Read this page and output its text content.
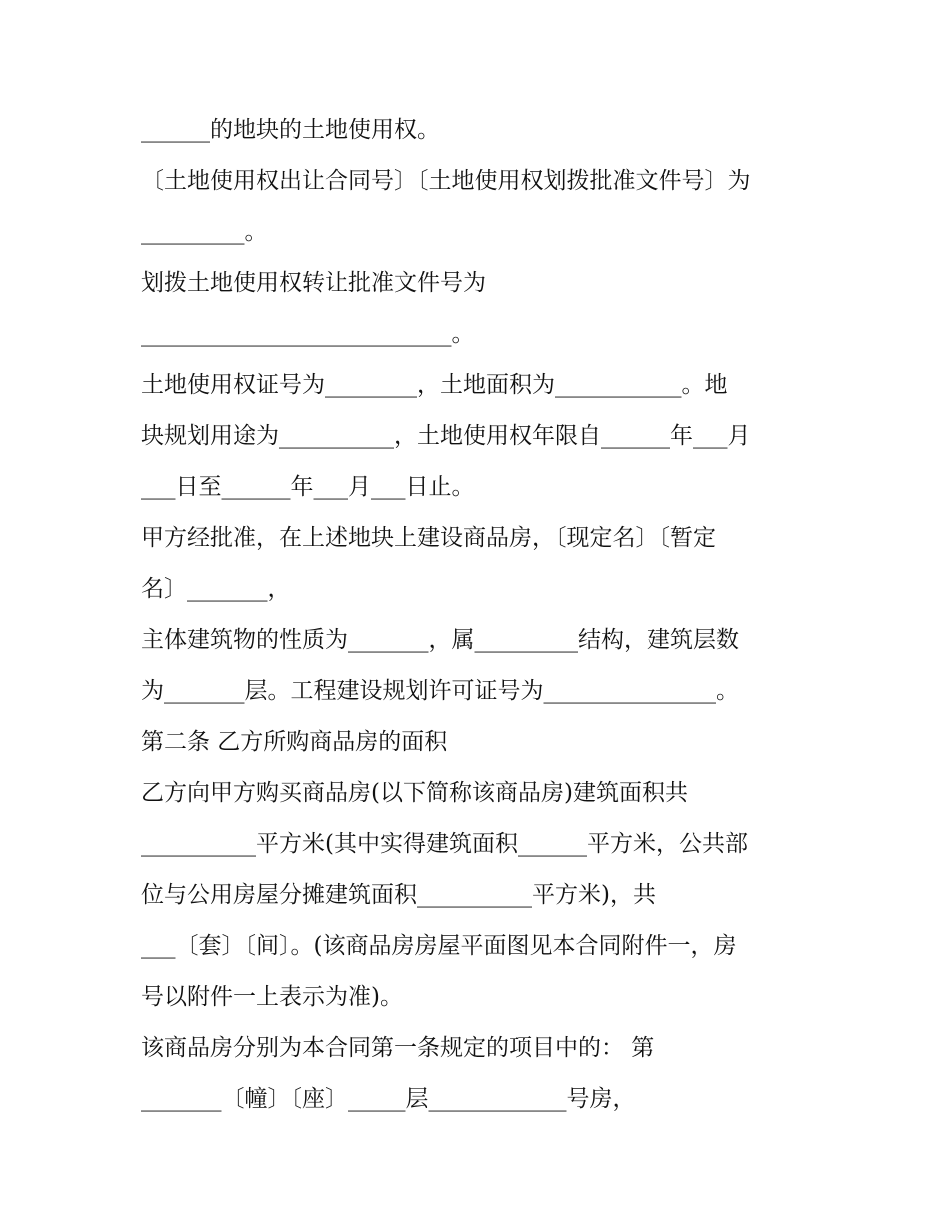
______的地块的土地使用权。
〔土地使用权出让合同号〕〔土地使用权划拨批准文件号〕为
_________。
划拨土地使用权转让批准文件号为
___________________________。
土地使用权证号为________，土地面积为___________。地
块规划用途为__________，土地使用权年限自______年___月
___日至______年___月___日止。
甲方经批准，在上述地块上建设商品房，〔现定名〕〔暂定
名〕_______，
主体建筑物的性质为_______，属_________结构，建筑层数
为_______层。工程建设规划许可证号为_______________。
第二条 乙方所购商品房的面积
乙方向甲方购买商品房(以下简称该商品房)建筑面积共
__________平方米(其中实得建筑面积______平方米，公共部
位与公用房屋分摊建筑面积__________平方米)，共
___〔套〕〔间〕。(该商品房房屋平面图见本合同附件一，房
号以附件一上表示为准)。
该商品房分别为本合同第一条规定的项目中的： 第
_______〔幢〕〔座〕_____层____________号房，
